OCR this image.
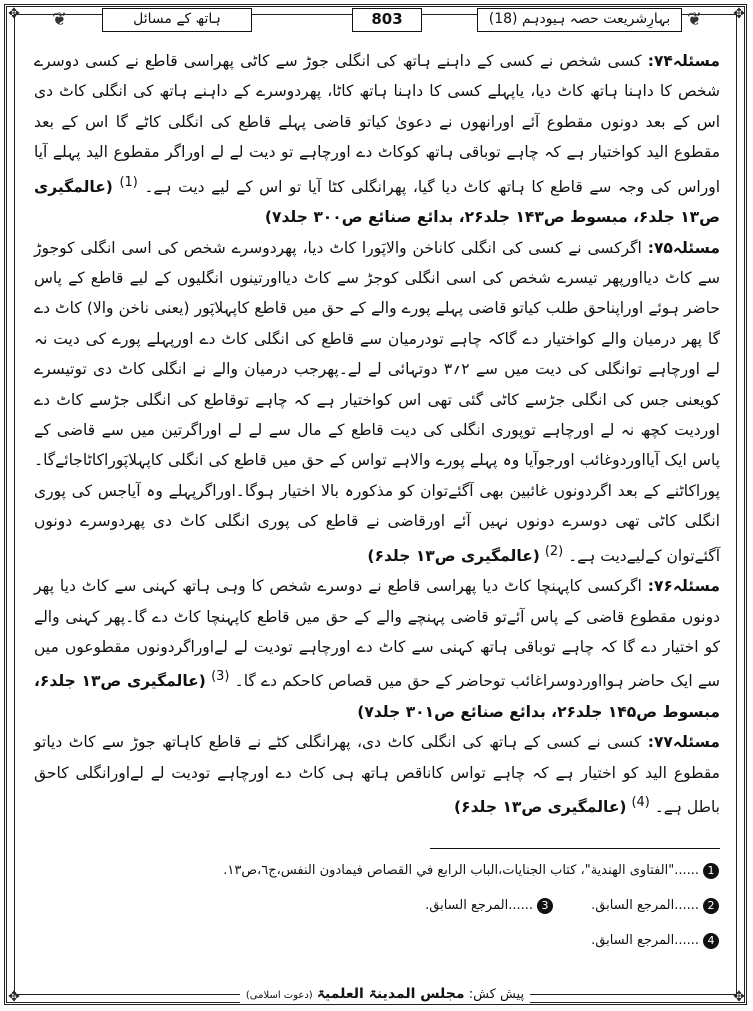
✥	✥
✥	✥
❦	ہاتھ کے مسائل	803	بہارِشریعت حصہ ہیودہم (18) ❦

مسئلہ۷۴: کسی شخص نے کسی کے داہنے ہاتھ کی انگلی جوڑ سے کاٹی پھراسی قاطع نے کسی دوسرے شخص کا داہنا ہاتھ کاٹ دیا، یاپہلے کسی کا داہنا ہاتھ کاٹا، پھردوسرے کے داہنے ہاتھ کی انگلی کاٹ دی اس کے بعد دونوں مقطوع آئے اورانھوں نے دعویٰ کیاتو قاضی پہلے قاطع کی انگلی کاٹے گا اس کے بعد مقطوع الید کواختیار ہے کہ چاہے توباقی ہاتھ کوکاٹ دے اورچاہے تو دیت لے لے اوراگر مقطوع الید پہلے آیا اوراس کی وجہ سے قاطع کا ہاتھ کاٹ دیا گیا، پھرانگلی کٹا آیا تو اس کے لیے دیت ہے۔ $^{(1)}$ (عالمگیری ص۱۳ جلد۶، مبسوط ص۱۴۳ جلد۲۶، بدائع صنائع ص۳۰۰ جلد۷)

مسئلہ۷۵: اگرکسی نے کسی کی انگلی کاناخن والاپَورا کاٹ دیا، پھردوسرے شخص کی اسی انگلی کوجوڑ سے کاٹ دیااورپھر تیسرے شخص کی اسی انگلی کوجڑ سے کاٹ دیااورتینوں انگلیوں کے لیے قاطع کے پاس حاضر ہوئے اوراپناحق طلب کیاتو قاضی پہلے پورے والے کے حق میں قاطع کاپہلاپَور (یعنی ناخن والا) کاٹ دے گا پھر درمیان والے کواختیار دے گاکہ چاہے تودرمیان سے قاطع کی انگلی کاٹ دے اورپہلے پورے کی دیت نہ لے اورچاہے توانگلی کی دیت میں سے ۲؍۳ دوتہائی لے لے۔پھرجب درمیان والے نے انگلی کاٹ دی توتیسرے کویعنی جس کی انگلی جڑسے کاٹی گئی تھی اس کواختیار ہے کہ چاہے توقاطع کی انگلی جڑسے کاٹ دے اوردیت کچھ نہ لے اورچاہے توپوری انگلی کی دیت قاطع کے مال سے لے لے اوراگرتین میں سے قاضی کے پاس ایک آیااوردوغائب اورجوآیا وہ پہلے پورے والاہے تواس کے حق میں قاطع کی انگلی کاپہلاپَوراکاٹاجائےگا۔پوراکاٹنے کے بعد اگردونوں غائبین بھی آگئےتوان کو مذکورہ بالا اختیار ہوگا۔اوراگرپہلے وہ آیاجس کی پوری انگلی کاٹی تھی دوسرے دونوں نہیں آئے اورقاضی نے قاطع کی پوری انگلی کاٹ دی پھردوسرے دونوں آگئےتوان کےلیےدیت ہے۔ $^{(2)}$ (عالمگیری ص۱۳ جلد۶)

مسئلہ۷۶: اگرکسی کاپہنچا کاٹ دیا پھراسی قاطع نے دوسرے شخص کا وہی ہاتھ کہنی سے کاٹ دیا پھر دونوں مقطوع قاضی کے پاس آئےتو قاضی پہنچے والے کے حق میں قاطع کاپہنچا کاٹ دے گا۔پھر کہنی والے کو اختیار دے گا کہ چاہے توباقی ہاتھ کہنی سے کاٹ دے اورچاہے تودیت لے لےاوراگردونوں مقطوعوں میں سے ایک حاضر ہوااوردوسراغائب توحاضر کے حق میں قصاص کاحکم دے گا۔ $^{(3)}$ (عالمگیری ص۱۳ جلد۶، مبسوط ص۱۴۵ جلد۲۶، بدائع صنائع ص۳۰۱ جلد۷)

مسئلہ۷۷: کسی نے کسی کے ہاتھ کی انگلی کاٹ دی، پھرانگلی کٹے نے قاطع کاہاتھ جوڑ سے کاٹ دیاتو مقطوع الید کو اختیار ہے کہ چاہے تواس کاناقص ہاتھ ہی کاٹ دے اورچاہے تودیت لے لےاورانگلی کاحق باطل ہے۔ $^{(4)}$ (عالمگیری ص۱۳ جلد۶)

1......"الفتاوى الهندية"، كتاب الجنايات،الباب الرابع في القصاص فيمادون النفس،ج٦،ص١٣.
2......المرجع السابق.
3......المرجع السابق.
4......المرجع السابق.
پیش کش: مجلس المدینۃ العلمیۃ (دعوت اسلامی)
